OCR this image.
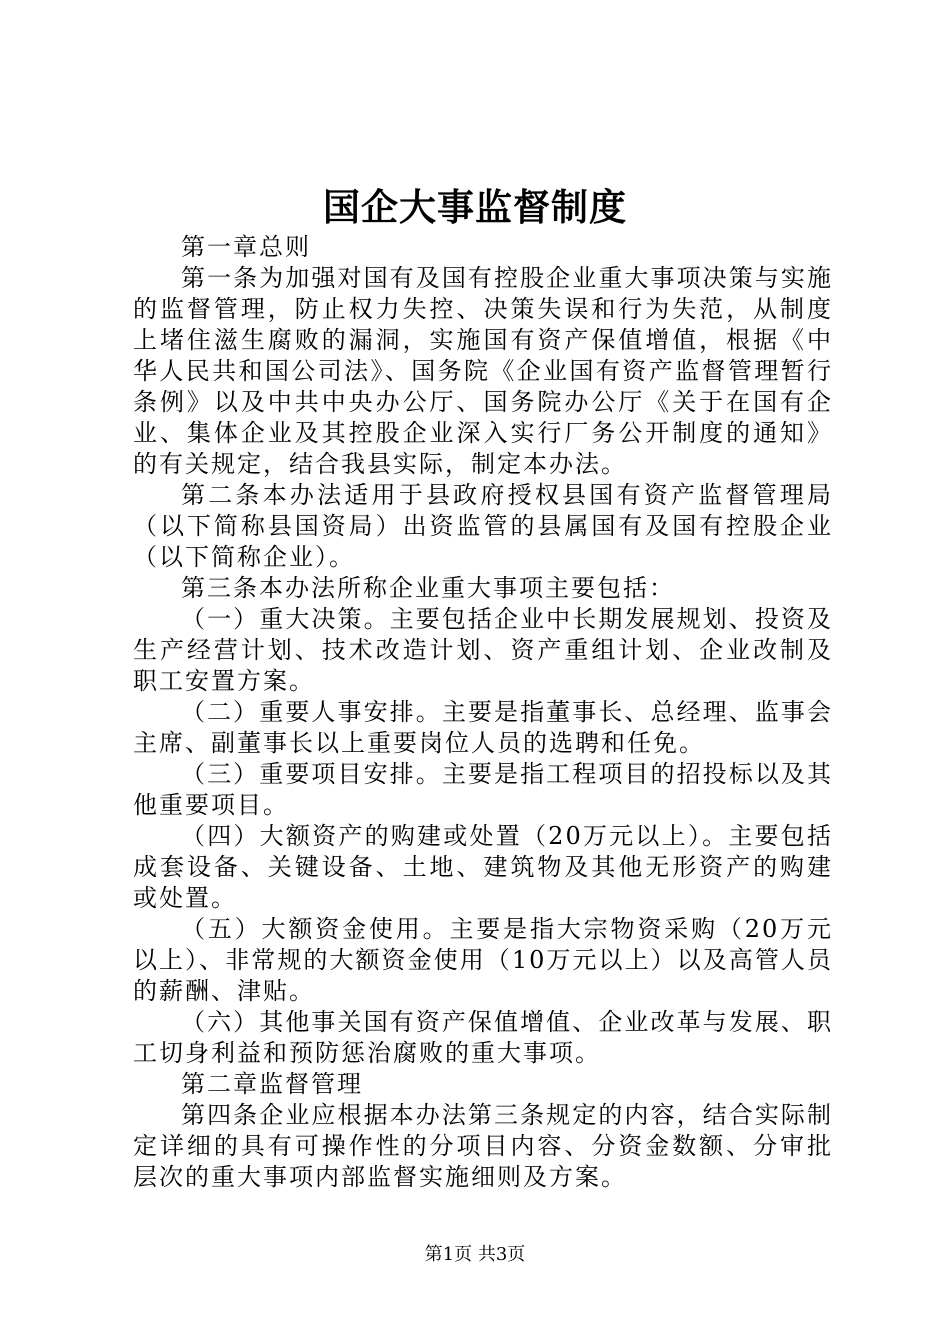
国企大事监督制度

第一章总则

第一条为加强对国有及国有控股企业重大事项决策与实施的监督管理，防止权力失控、决策失误和行为失范，从制度上堵住滋生腐败的漏洞，实施国有资产保值增值，根据《中华人民共和国公司法》、国务院《企业国有资产监督管理暂行条例》以及中共中央办公厅、国务院办公厅《关于在国有企业、集体企业及其控股企业深入实行厂务公开制度的通知》的有关规定，结合我县实际，制定本办法。

第二条本办法适用于县政府授权县国有资产监督管理局（以下简称县国资局）出资监管的县属国有及国有控股企业（以下简称企业）。

第三条本办法所称企业重大事项主要包括：

（一）重大决策。主要包括企业中长期发展规划、投资及生产经营计划、技术改造计划、资产重组计划、企业改制及职工安置方案。

（二）重要人事安排。主要是指董事长、总经理、监事会主席、副董事长以上重要岗位人员的选聘和任免。

（三）重要项目安排。主要是指工程项目的招投标以及其他重要项目。

（四）大额资产的购建或处置（20万元以上）。主要包括成套设备、关键设备、土地、建筑物及其他无形资产的购建或处置。

（五）大额资金使用。主要是指大宗物资采购（20万元以上）、非常规的大额资金使用（10万元以上）以及高管人员的薪酬、津贴。

（六）其他事关国有资产保值增值、企业改革与发展、职工切身利益和预防惩治腐败的重大事项。

第二章监督管理

第四条企业应根据本办法第三条规定的内容，结合实际制定详细的具有可操作性的分项目内容、分资金数额、分审批层次的重大事项内部监督实施细则及方案。

第1页 共3页
